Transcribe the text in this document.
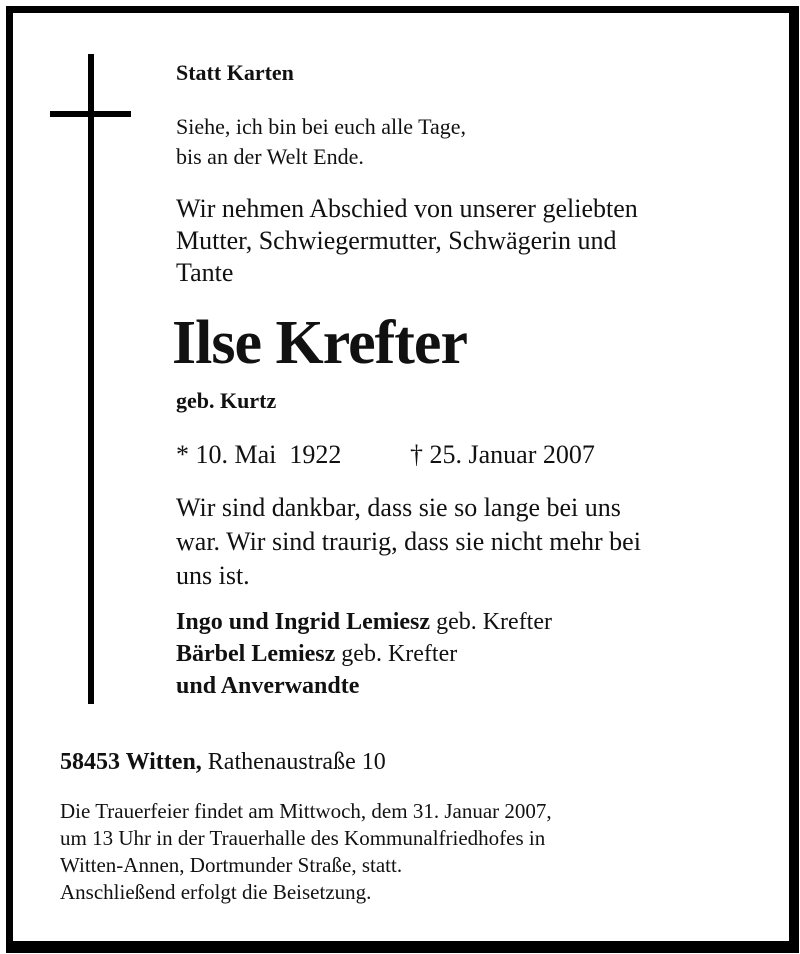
Statt Karten
Siehe, ich bin bei euch alle Tage,
bis an der Welt Ende.
Wir nehmen Abschied von unserer geliebten
Mutter, Schwiegermutter, Schwägerin und
Tante
Ilse Krefter
geb. Kurtz
* 10. Mai  1922	† 25. Januar 2007
Wir sind dankbar, dass sie so lange bei uns
war. Wir sind traurig, dass sie nicht mehr bei
uns ist.
Ingo und Ingrid Lemiesz geb. Krefter
Bärbel Lemiesz geb. Krefter
und Anverwandte
58453 Witten, Rathenaustraße 10
Die Trauerfeier findet am Mittwoch, dem 31. Januar 2007,
um 13 Uhr in der Trauerhalle des Kommunalfriedhofes in
Witten-Annen, Dortmunder Straße, statt.
Anschließend erfolgt die Beisetzung.
